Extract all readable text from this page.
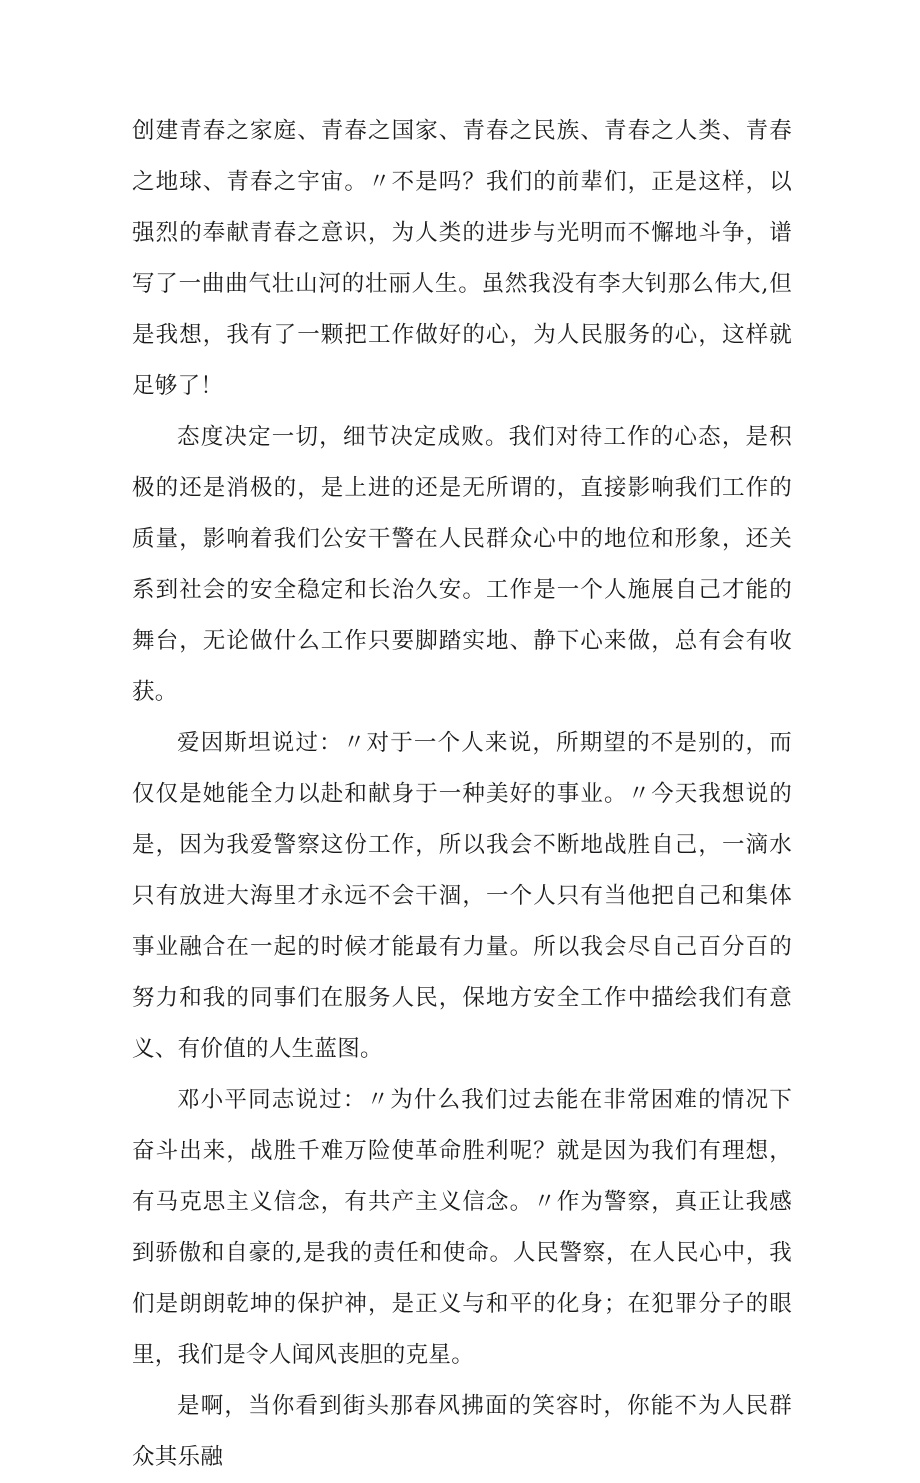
创建青春之家庭、青春之国家、青春之民族、青春之人类、青春之地球、青春之宇宙。〃不是吗？我们的前辈们，正是这样，以强烈的奉献青春之意识，为人类的进步与光明而不懈地斗争，谱写了一曲曲气壮山河的壮丽人生。虽然我没有李大钊那么伟大,但是我想，我有了一颗把工作做好的心，为人民服务的心，这样就足够了！

态度决定一切，细节决定成败。我们对待工作的心态，是积极的还是消极的，是上进的还是无所谓的，直接影响我们工作的质量，影响着我们公安干警在人民群众心中的地位和形象，还关系到社会的安全稳定和长治久安。工作是一个人施展自己才能的舞台，无论做什么工作只要脚踏实地、静下心来做，总有会有收获。

爱因斯坦说过：〃对于一个人来说，所期望的不是别的，而仅仅是她能全力以赴和献身于一种美好的事业。〃今天我想说的是，因为我爱警察这份工作，所以我会不断地战胜自己，一滴水只有放进大海里才永远不会干涸，一个人只有当他把自己和集体事业融合在一起的时候才能最有力量。所以我会尽自己百分百的努力和我的同事们在服务人民，保地方安全工作中描绘我们有意义、有价值的人生蓝图。

邓小平同志说过：〃为什么我们过去能在非常困难的情况下奋斗出来，战胜千难万险使革命胜利呢？就是因为我们有理想，有马克思主义信念，有共产主义信念。〃作为警察，真正让我感到骄傲和自豪的,是我的责任和使命。人民警察，在人民心中，我们是朗朗乾坤的保护神，是正义与和平的化身；在犯罪分子的眼里，我们是令人闻风丧胆的克星。

是啊，当你看到街头那春风拂面的笑容时，你能不为人民群众其乐融
